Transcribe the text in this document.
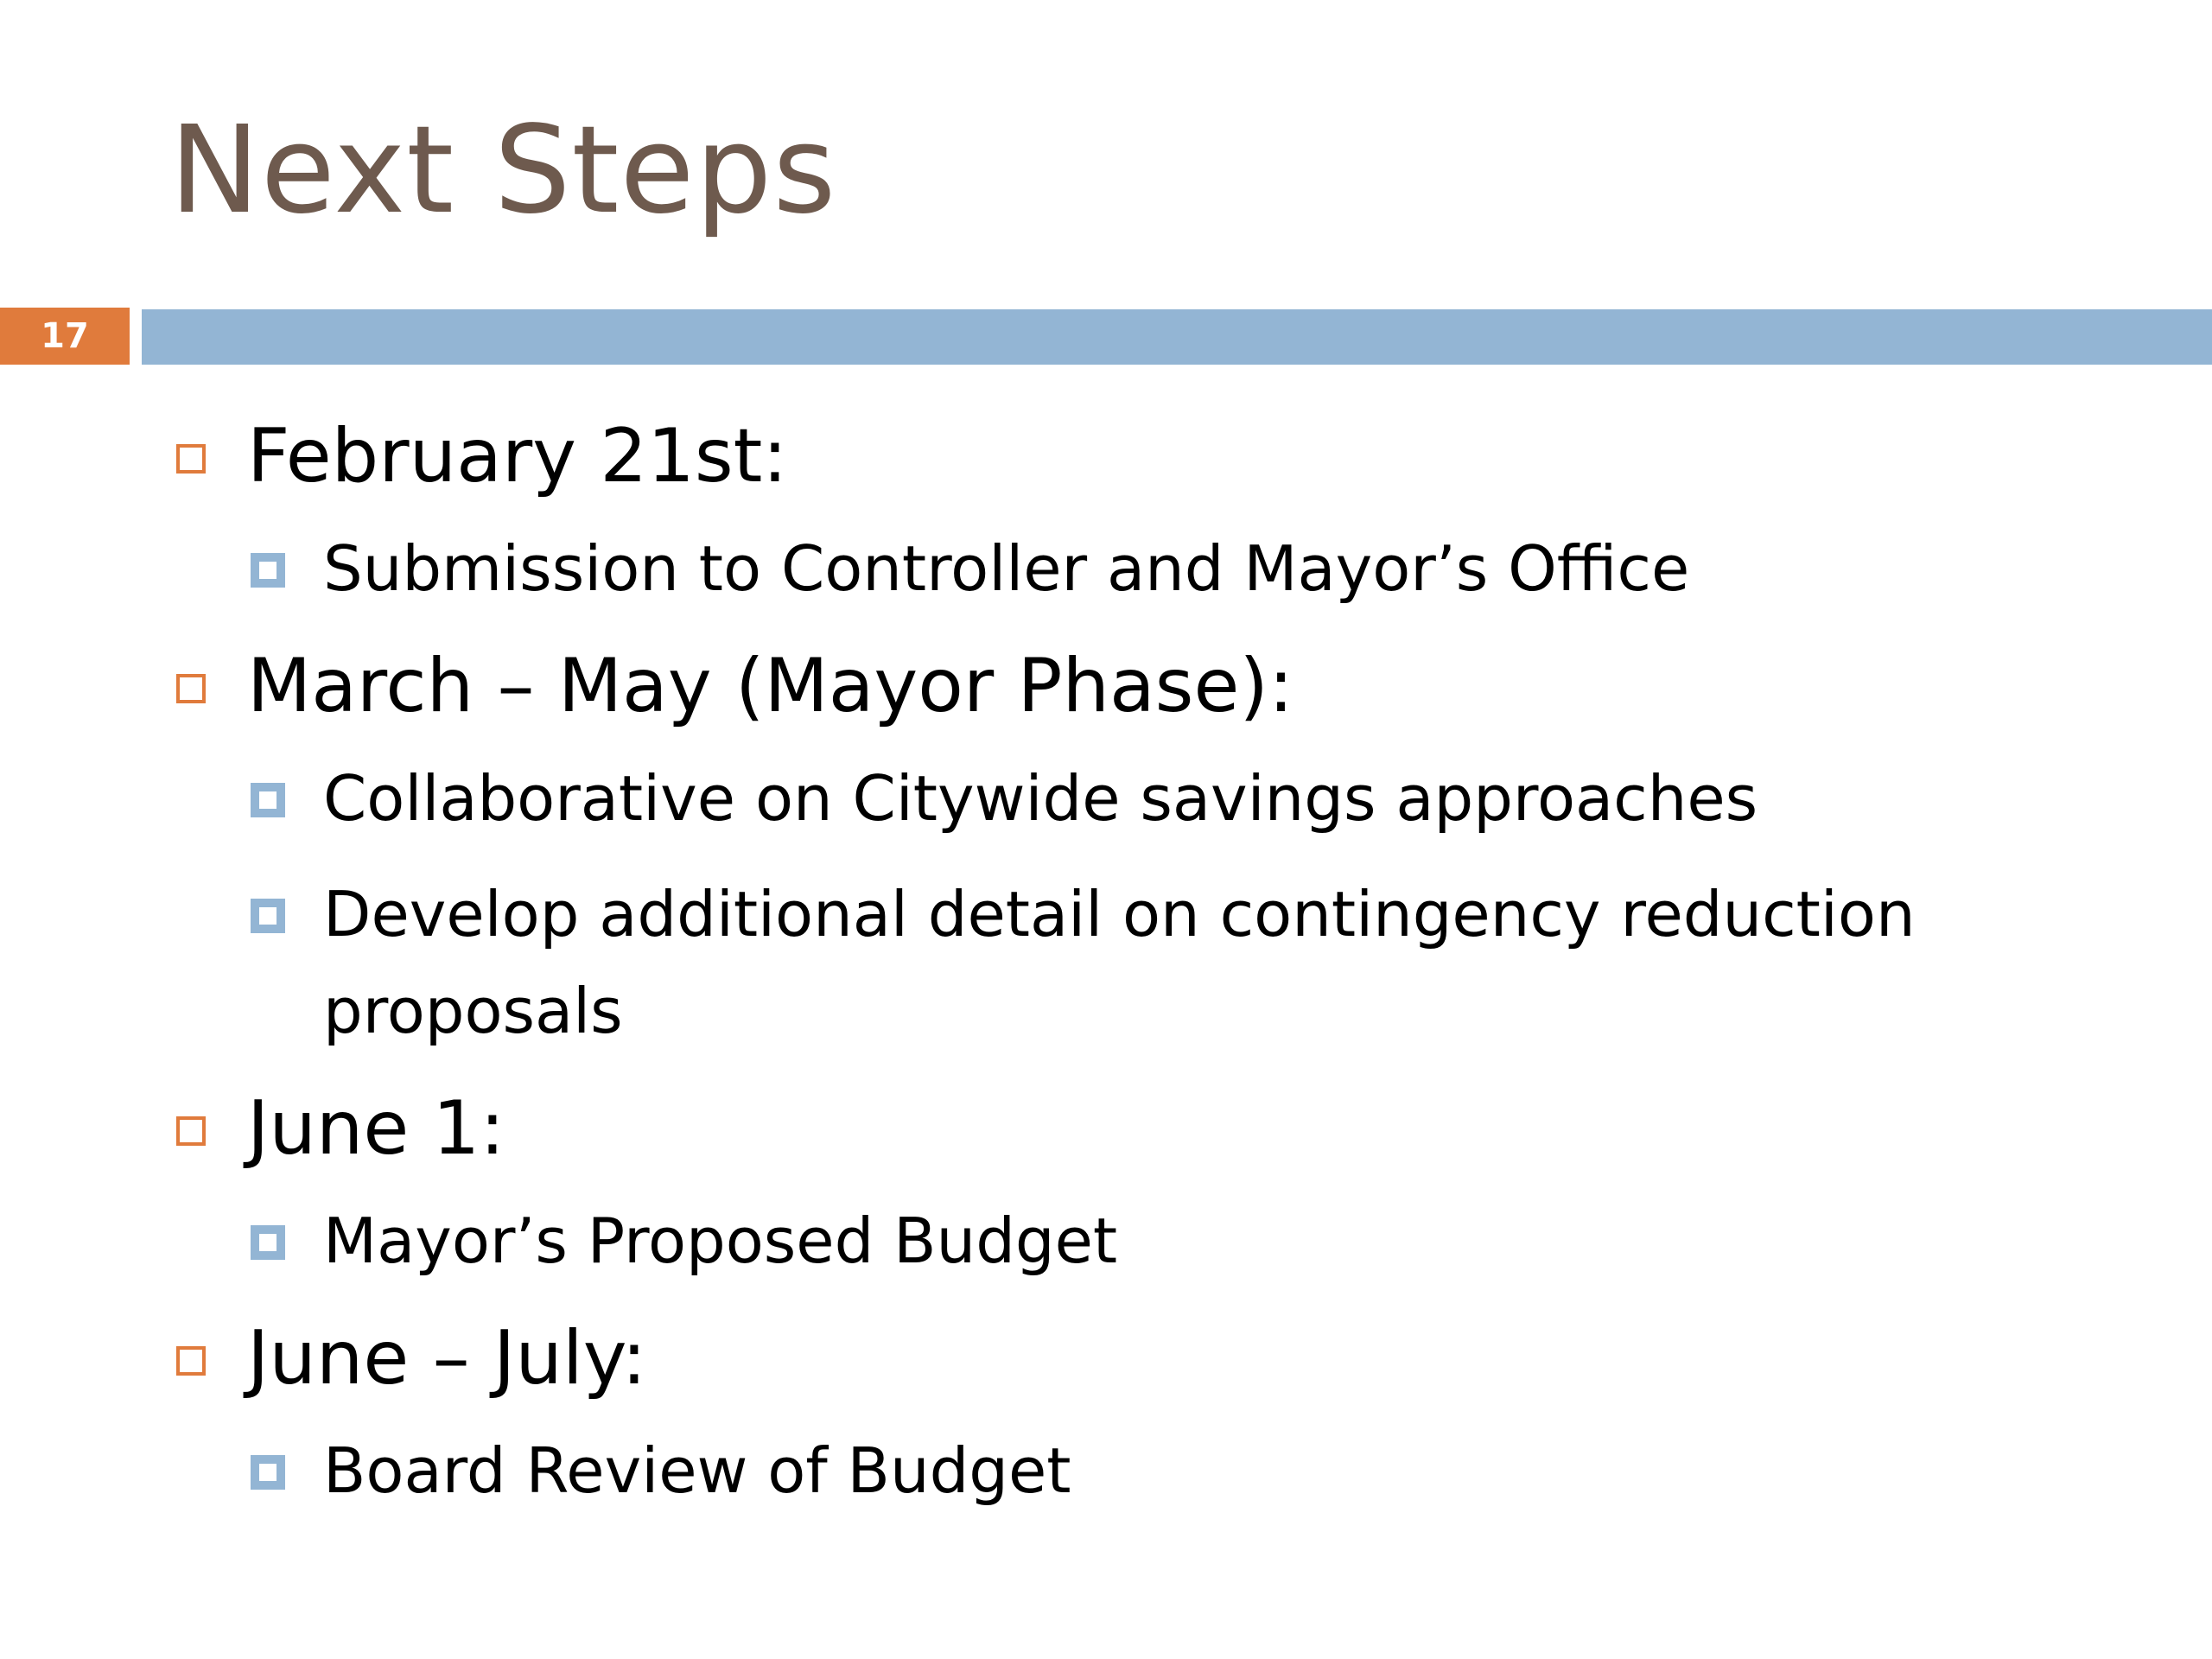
Next Steps
17
February 21st:
Submission to Controller and Mayor’s Office
March – May (Mayor Phase):
Collaborative on Citywide savings approaches
Develop additional detail on contingency reduction proposals
June 1:
Mayor’s Proposed Budget
June – July:
Board Review of Budget
